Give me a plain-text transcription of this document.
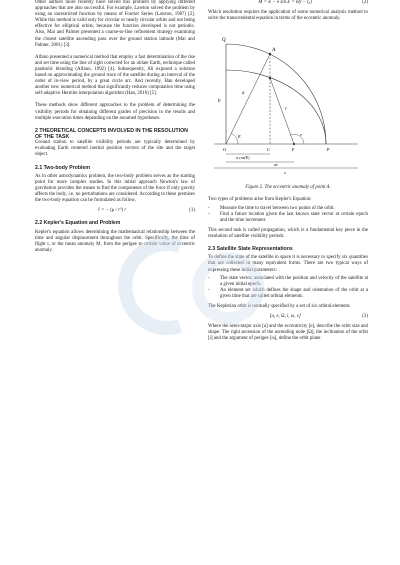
Other authors more recently have solved this problem by applying different approaches that are also successful. For example, Lawton solved the problem by using an unrestricted function by means of Fourier Series (Lawton, 1987) [2]. While this method is valid only for circular or nearly circular orbits and not being effective for elliptical orbits, because the function developed is not periodic. Also, Mai and Palmer presented a coarse-to-fine refinement strategy examining the closest satellite ascending pass over the ground station latitude (Mai and Palmer, 2001) [3].

Alfano presented a numerical method that employ a fast determination of the rise and set time using the line of sight corrected for an oblate Earth, technique called parabolic blending (Alfano, 1992) [4]. Subsequently, Ali exposed a solution based on approximating the ground trace of the satellite during an interval of the order of in-view period, by a great circle arc. And recently, Han developed another new numerical method that significantly reduces computation time using self-adaptive Hermite interpolation algorithm (Han, 2016) [5].

These methods show different approaches to the problem of determining the visibility periods for obtaining different grades of precision in the results and multiple execution times depending on the assumed hypotheses.

2 THEORETICAL CONCEPTS INVOLVED IN THE RESOLUTION OF THE TASK

Ground station to satellite visibility periods are typically determined by evaluating Earth centered inertial position vectors of the site and the target object.

2.1 Two-body Problem

As in other astrodynamics problem, the two-body problem serves as the starting point for more complex studies. In this initial approach Newton's law of gravitation provides the means to find the components of the force if only gravity affects the body, i.e. no perturbations are considered. According to these premises the two-body equation can be formulated as follow,

r̈ = − (μ / r³) r	(1)

2.2 Kepler's Equation and Problem

Kepler's equation allows determining the mathematical relationship between the time and angular displacement throughout the orbit. Specifically, the time of flight t, or the mean anomaly M, from the perigee to certain value of eccentric anomaly.

M = E − e sin E = n(t − t₀)	(2)

Which resolution requires the application of some numerical analysis method to solve the transcendental equation in terms of the eccentric anomaly.

Q
A
a
b
r
E	ν
O	C	F	P
a cos(E)
ae
x

Figure 2. The eccentric anomaly of point A.

Two types of problems arise from Kepler's Equation:

-	Measure the time to travel between two points of the orbit.
-	Find a future location given the last known state vector at certain epoch and the time increment.

This second task is called propagation, which is a fundamental key piece in the resolution of satellite visibility periods

2.3 Satellite State Representations

To define the state of the satellite in space it is necessary to specify six quantities that are collected in many equivalent forms. There are two typical ways of expressing these initial parameters:

-	The state vector, associated with the position and velocity of the satellite at a given initial epoch.
-	An element set which defines the shape and orientation of the orbit at a given time that are called orbital elements.

The Keplerian orbit is normally specified by a set of six orbital elements

[a, e, Ω, i, ω, ν]	(3)

Where the semi-major axis [a] and the eccentricity [e], describe the orbit size and shape. The right ascension of the ascending node [Ω], the inclination of the orbit [i] and the argument of perigee [ω], define the orbit plane
